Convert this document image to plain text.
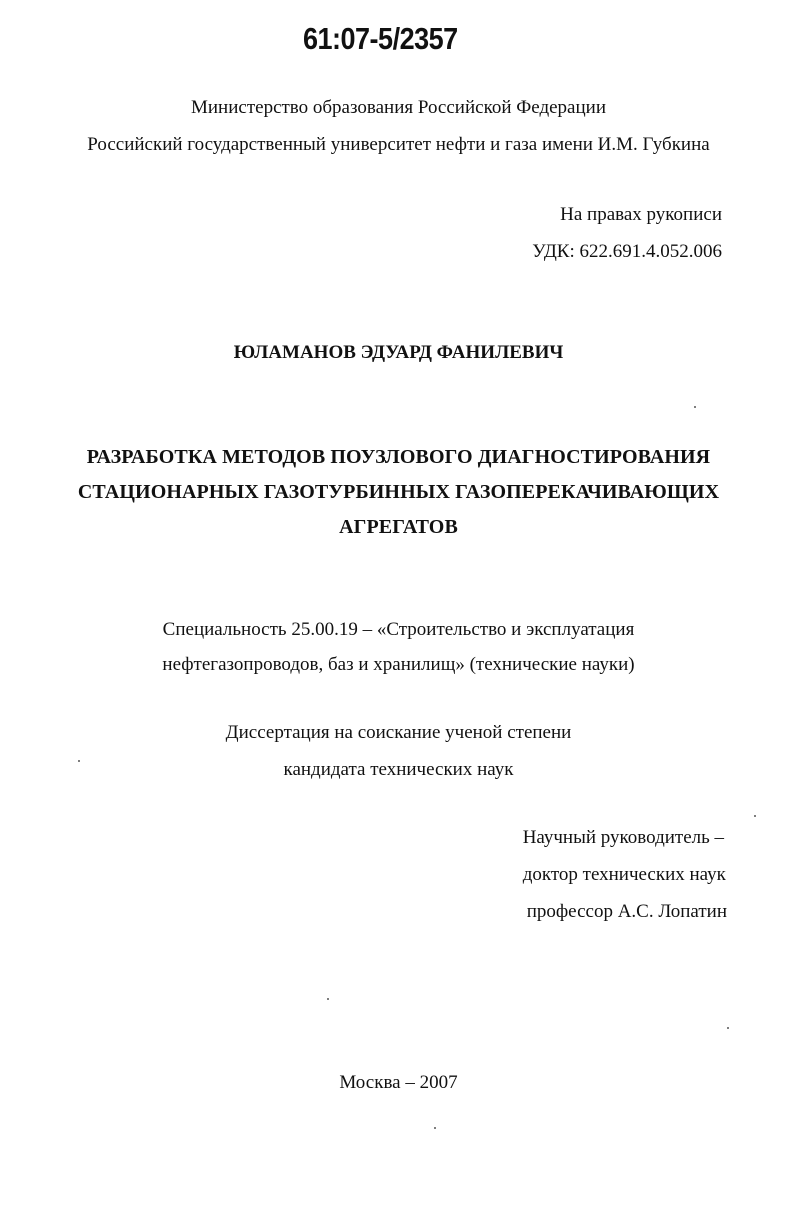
61:07-5/2357
Министерство образования Российской Федерации
Российский государственный университет нефти и газа имени И.М. Губкина
На правах рукописи
УДК: 622.691.4.052.006
ЮЛАМАНОВ ЭДУАРД ФАНИЛЕВИЧ
РАЗРАБОТКА МЕТОДОВ ПОУЗЛОВОГО ДИАГНОСТИРОВАНИЯ
СТАЦИОНАРНЫХ ГАЗОТУРБИННЫХ ГАЗОПЕРЕКАЧИВАЮЩИХ
АГРЕГАТОВ
Специальность 25.00.19 – «Строительство и эксплуатация
нефтегазопроводов, баз и хранилищ» (технические науки)
Диссертация на соискание ученой степени
кандидата технических наук
Научный руководитель –
доктор технических наук
профессор А.С. Лопатин
Москва – 2007
